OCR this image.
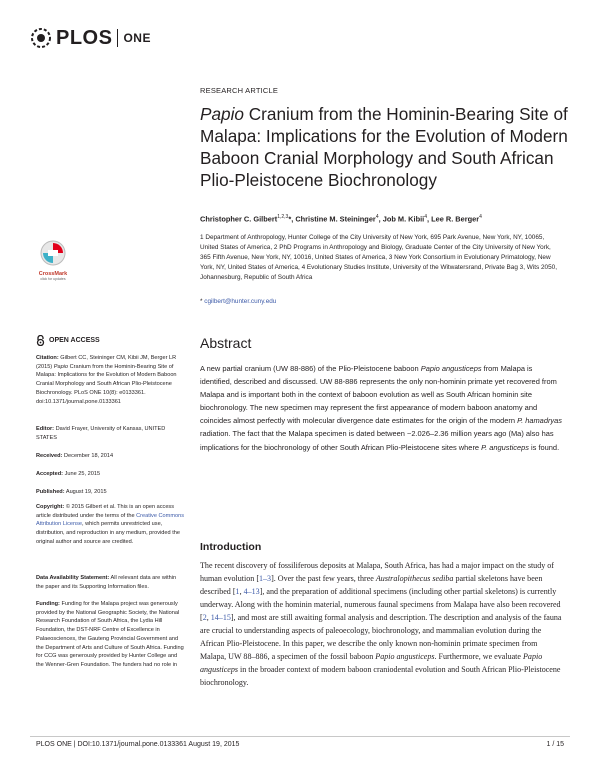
PLOS ONE
RESEARCH ARTICLE
Papio Cranium from the Hominin-Bearing Site of Malapa: Implications for the Evolution of Modern Baboon Cranial Morphology and South African Plio-Pleistocene Biochronology
Christopher C. Gilbert$^{1,2,3}$*, Christine M. Steininger$^4$, Job M. Kibii$^4$, Lee R. Berger$^4$
1 Department of Anthropology, Hunter College of the City University of New York, 695 Park Avenue, New York, NY, 10065, United States of America, 2 PhD Programs in Anthropology and Biology, Graduate Center of the City University of New York, 365 Fifth Avenue, New York, NY, 10016, United States of America, 3 New York Consortium in Evolutionary Primatology, New York, NY, United States of America, 4 Evolutionary Studies Institute, University of the Witwatersrand, Private Bag 3, Wits 2050, Johannesburg, Republic of South Africa
* cgilbert@hunter.cuny.edu
CrossMark
click for updates
OPEN ACCESS
Citation: Gilbert CC, Steininger CM, Kibii JM, Berger LR (2015) Papio Cranium from the Hominin-Bearing Site of Malapa: Implications for the Evolution of Modern Baboon Cranial Morphology and South African Plio-Pleistocene Biochronology. PLoS ONE 10(8): e0133361. doi:10.1371/journal.pone.0133361
Editor: David Frayer, University of Kansas, UNITED STATES
Received: December 18, 2014
Accepted: June 25, 2015
Published: August 19, 2015
Copyright: © 2015 Gilbert et al. This is an open access article distributed under the terms of the Creative Commons Attribution License, which permits unrestricted use, distribution, and reproduction in any medium, provided the original author and source are credited.
Data Availability Statement: All relevant data are within the paper and its Supporting Information files.
Funding: Funding for the Malapa project was generously provided by the National Geographic Society, the National Research Foundation of South Africa, the Lydia Hill Foundation, the DST-NRF Centre of Excellence in Palaeosciences, the Gauteng Provincial Government and the Department of Arts and Culture of South Africa. Funding for CCG was generously provided by Hunter College and the Wenner-Gren Foundation. The funders had no role in
Abstract
A new partial cranium (UW 88-886) of the Plio-Pleistocene baboon Papio angusticeps from Malapa is identified, described and discussed. UW 88-886 represents the only non-hominin primate yet recovered from Malapa and is important both in the context of baboon evolution as well as South African hominin site biochronology. The new specimen may represent the first appearance of modern baboon anatomy and coincides almost perfectly with molecular divergence date estimates for the origin of the modern P. hamadryas radiation. The fact that the Malapa specimen is dated between ~2.026–2.36 million years ago (Ma) also has implications for the biochronology of other South African Plio-Pleistocene sites where P. angusticeps is found.
Introduction
The recent discovery of fossiliferous deposits at Malapa, South Africa, has had a major impact on the study of human evolution [1–3]. Over the past few years, three Australopithecus sediba partial skeletons have been described [1, 4–13], and the preparation of additional specimens (including other partial skeletons) is currently underway. Along with the hominin material, numerous faunal specimens from Malapa have also been recovered [2, 14–15], and most are still awaiting formal analysis and description. The description and analysis of the fauna are crucial to understanding aspects of paleoecology, biochronology, and mammalian evolution during the African Plio-Pleistocene. In this paper, we describe the only known non-hominin primate specimen from Malapa, UW 88–886, a specimen of the fossil baboon Papio angusticeps. Furthermore, we evaluate Papio angusticeps in the broader context of modern baboon craniodental evolution and South African Plio-Pleistocene biochronology.
PLOS ONE | DOI:10.1371/journal.pone.0133361 August 19, 2015	1 / 15
